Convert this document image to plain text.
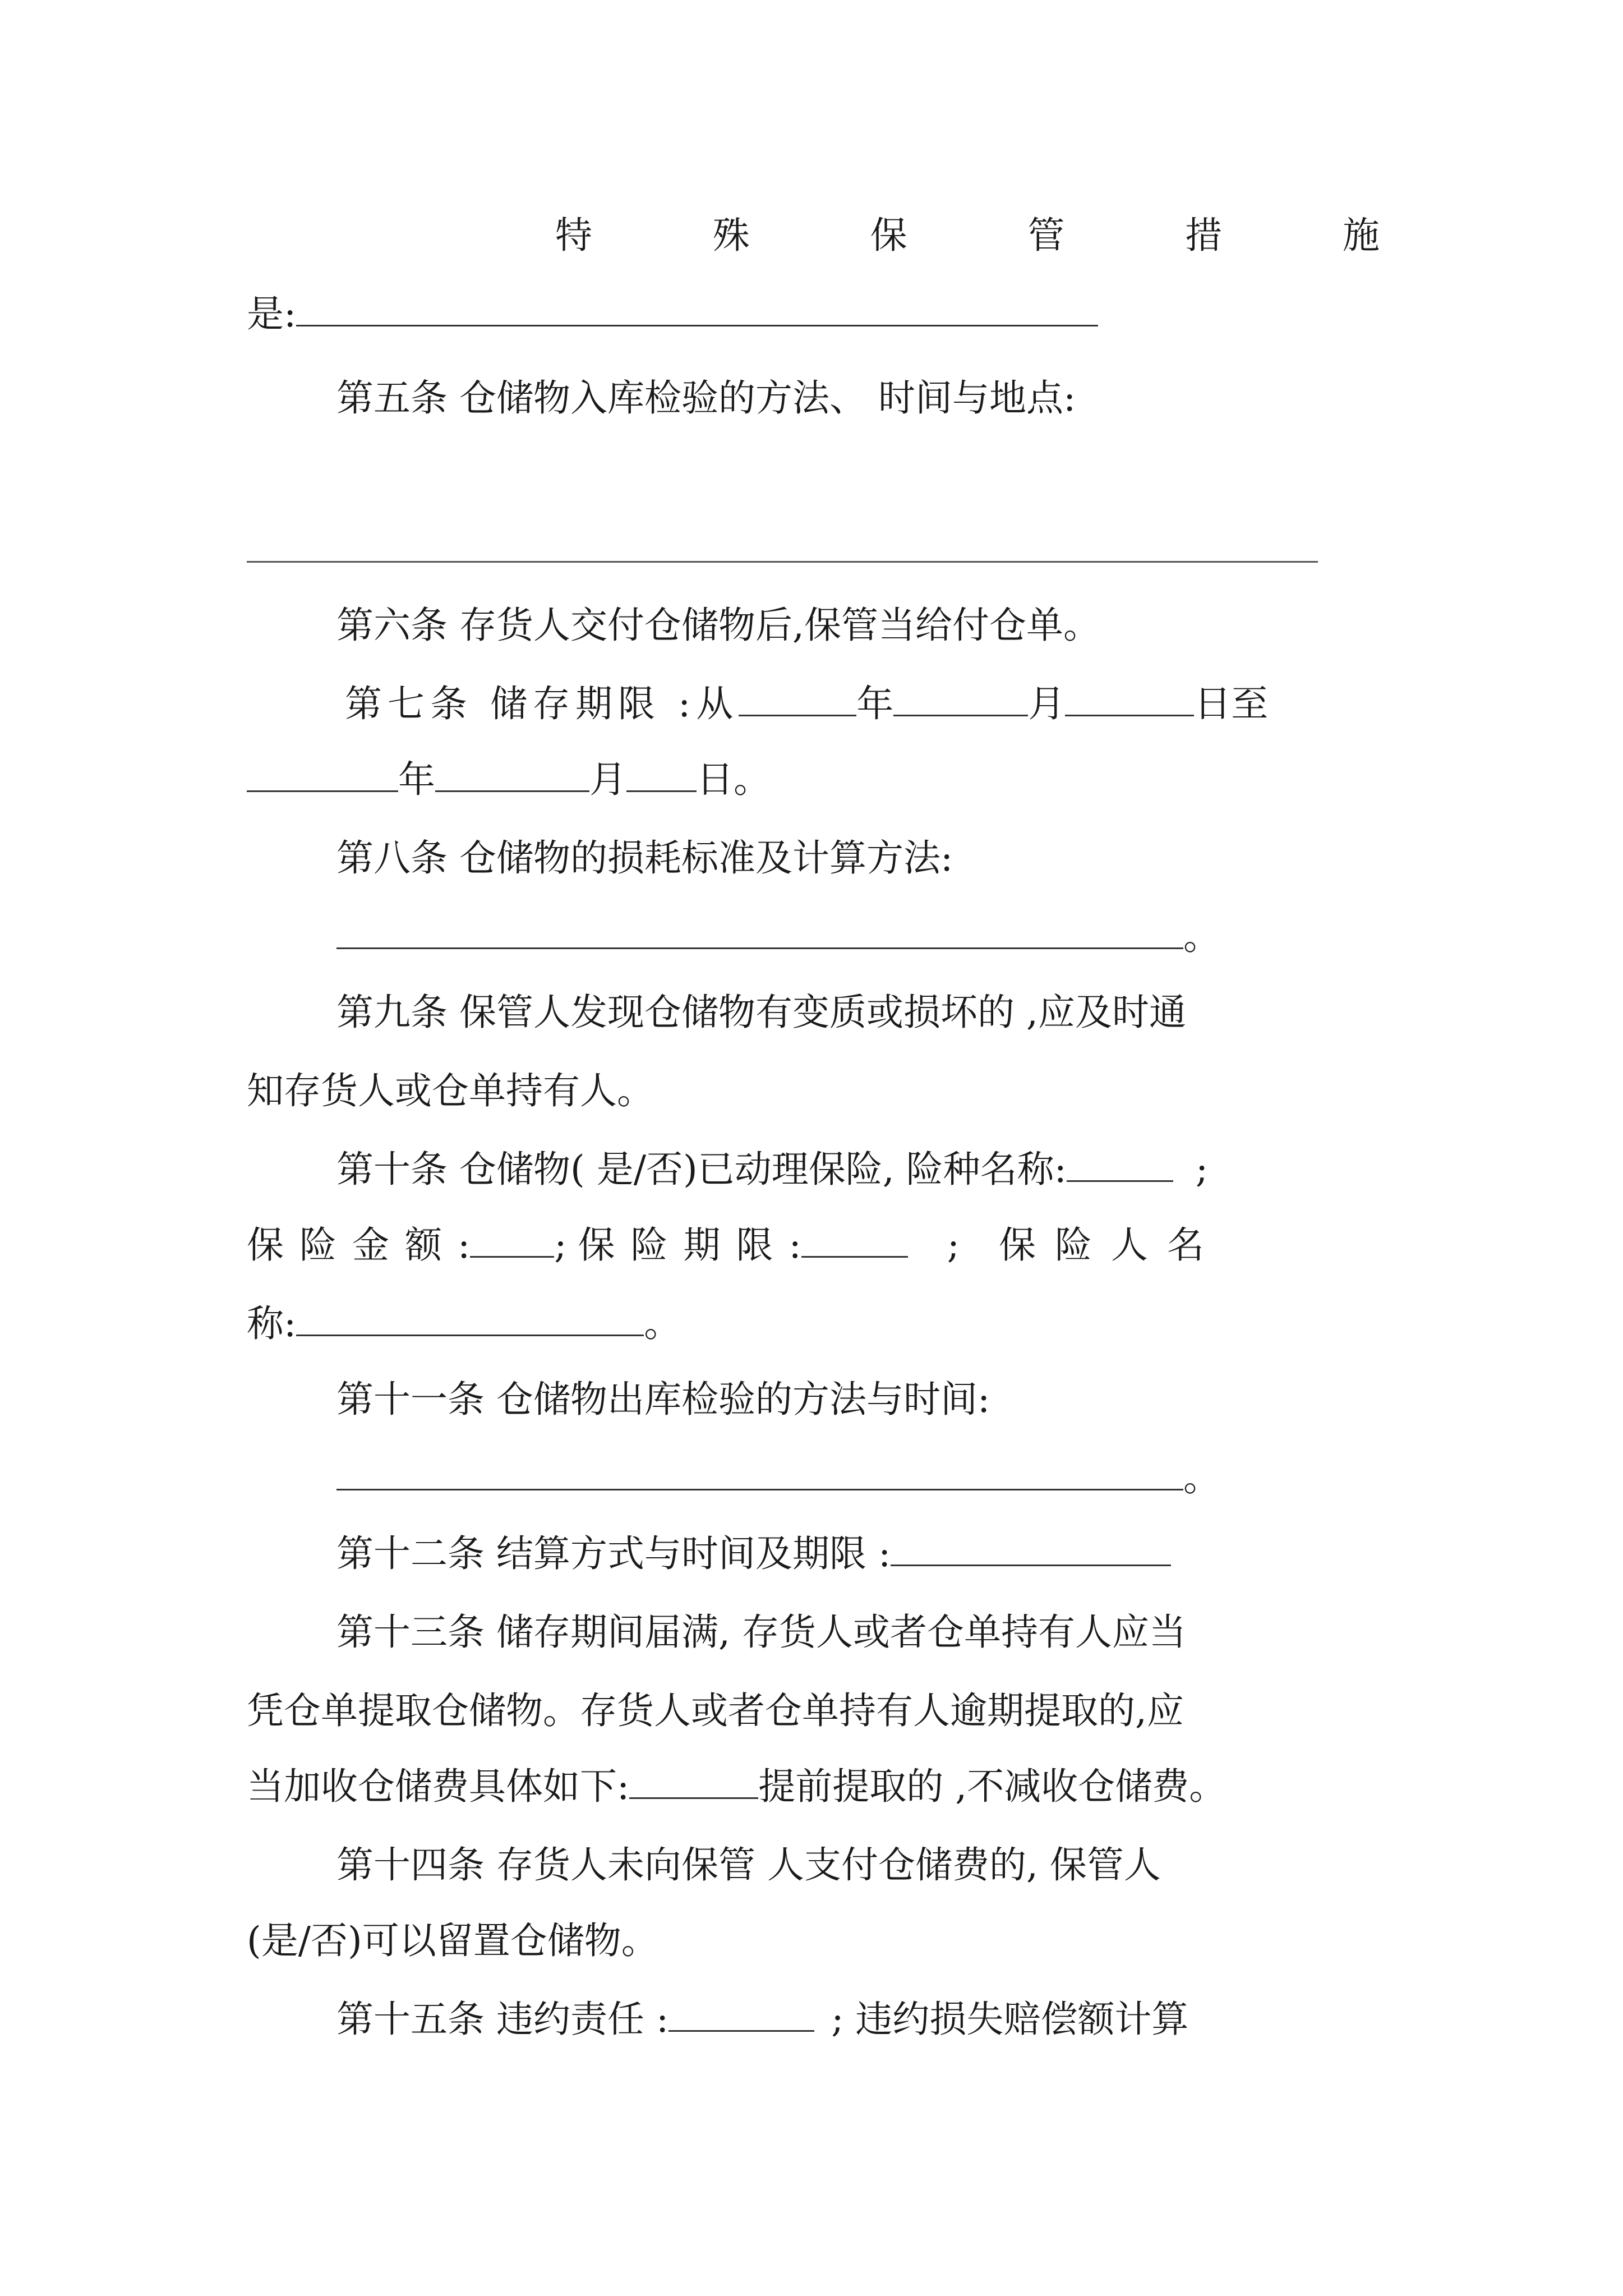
特	殊	保	管	措	施
是:
第五条 仓储物入库检验的方法、 时间与地点:
第六条 存货人交付仓储物后,保管当给付仓单。
第七条 储存期限 :从	年	月	日至
年	月 日。
第八条 仓储物的损耗标准及计算方法:
。
第九条 保管人发现仓储物有变质或损坏的 ,应及时通
知存货人或仓单持有人。
第十条 仓储物( 是/否)已动理保险, 险种名称:	;
保 险 金 额 : ; 保 险 期 限 :	; 保 险 人 名
称:	。
第十一条 仓储物出库检验的方法与时间:
。
第十二条 结算方式与时间及期限 :
第十三条 储存期间届满, 存货人或者仓单持有人应当
凭仓单提取仓储物。存货人或者仓单持有人逾期提取的,应
当加收仓储费具体如下:	提前提取的 ,不减收仓储费。
第十四条 存货人未向保管 人支付仓储费的, 保管人
(是/否)可以留置仓储物。
第十五条 违约责任 :	; 违约损失赔偿额计算
